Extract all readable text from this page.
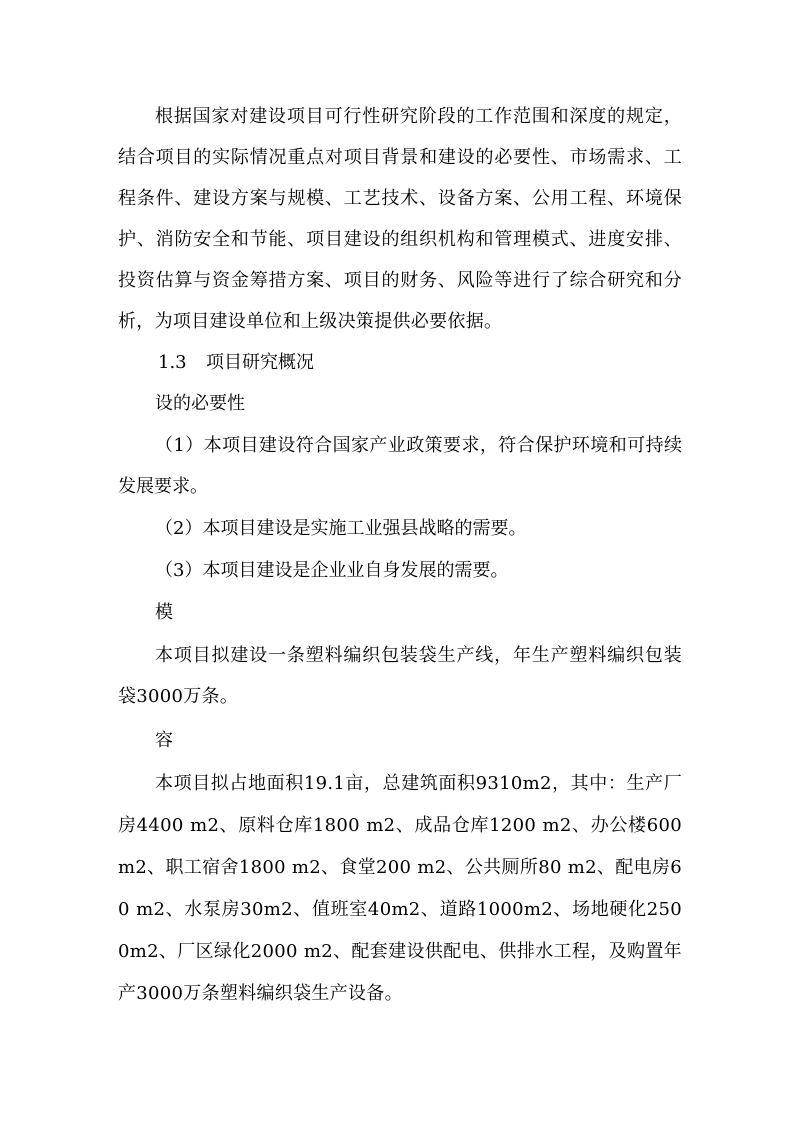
根据国家对建设项目可行性研究阶段的工作范围和深度的规定，结合项目的实际情况重点对项目背景和建设的必要性、市场需求、工程条件、建设方案与规模、工艺技术、设备方案、公用工程、环境保护、消防安全和节能、项目建设的组织机构和管理模式、进度安排、投资估算与资金筹措方案、项目的财务、风险等进行了综合研究和分析，为项目建设单位和上级决策提供必要依据。

1.3 项目研究概况

设的必要性

（1）本项目建设符合国家产业政策要求，符合保护环境和可持续发展要求。

（2）本项目建设是实施工业强县战略的需要。

（3）本项目建设是企业业自身发展的需要。

模

本项目拟建设一条塑料编织包装袋生产线，年生产塑料编织包装袋3000万条。

容

本项目拟占地面积19.1亩，总建筑面积9310m2，其中：生产厂房4400 m2、原料仓库1800 m2、成品仓库1200 m2、办公楼600m2、职工宿舍1800 m2、食堂200 m2、公共厕所80 m2、配电房60 m2、水泵房30m2、值班室40m2、道路1000m2、场地硬化2500m2、厂区绿化2000 m2、配套建设供配电、供排水工程，及购置年产3000万条塑料编织袋生产设备。
